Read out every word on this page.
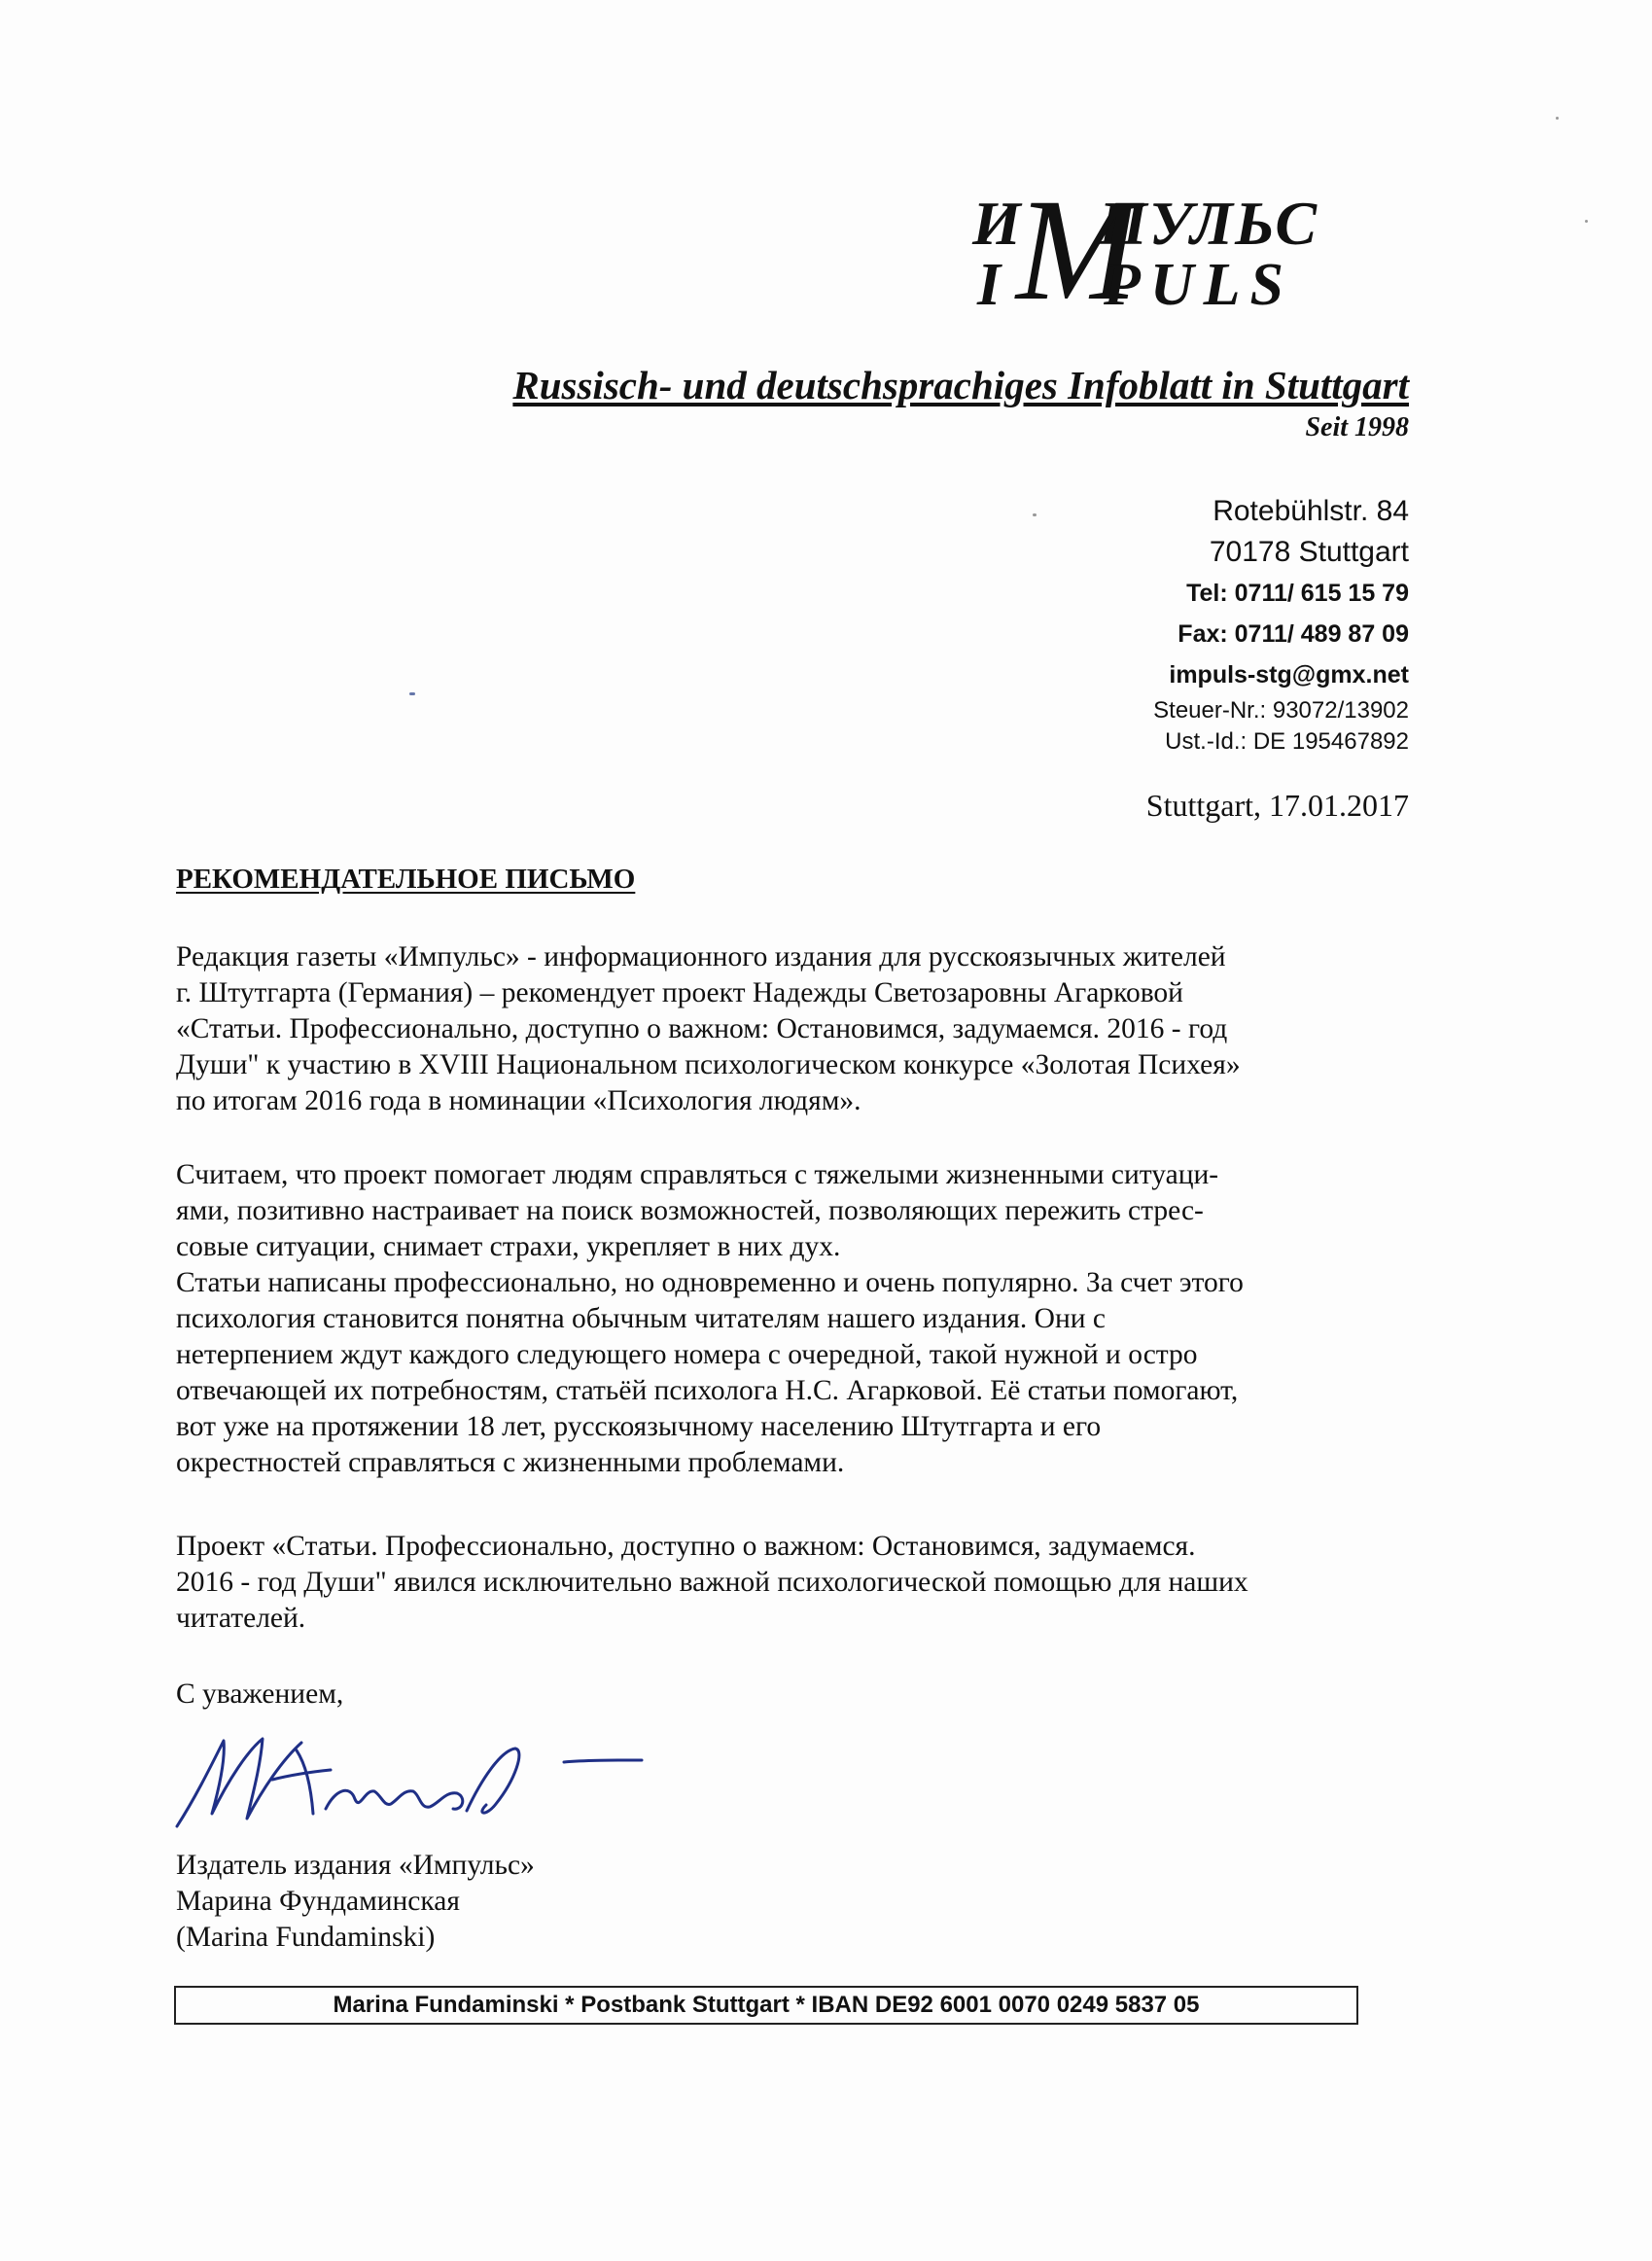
И ПУЛЬС
M
I PULS
Russisch- und deutschsprachiges Infoblatt in Stuttgart
Seit 1998
Rotebühlstr. 84
70178 Stuttgart
Tel: 0711/ 615 15 79
Fax: 0711/ 489 87 09
impuls-stg@gmx.net
Steuer-Nr.: 93072/13902
Ust.-Id.: DE 195467892
Stuttgart, 17.01.2017
РЕКОМЕНДАТЕЛЬНОЕ ПИСЬМО
Редакция газеты «Импульс» - информационного издания для русскоязычных жителей
г. Штутгарта (Германия) – рекомендует проект Надежды Светозаровны Агарковой
«Статьи. Профессионально, доступно о важном: Остановимся, задумаемся. 2016 - год
Души" к участию в XVIII Национальном психологическом конкурсе «Золотая Психея»
по итогам 2016 года в номинации «Психология людям».
Считаем, что проект помогает людям справляться с тяжелыми жизненными ситуаци-
ями, позитивно настраивает на поиск возможностей, позволяющих пережить стрес-
совые ситуации, снимает страхи, укрепляет в них дух.
Статьи написаны профессионально, но одновременно и очень популярно. За счет этого
психология становится понятна обычным читателям нашего издания. Они с
нетерпением ждут каждого следующего номера с очередной, такой нужной и остро
отвечающей их потребностям, статьёй психолога Н.С. Агарковой. Её статьи помогают,
вот уже на протяжении 18 лет, русскоязычному населению Штутгарта и его
окрестностей справляться с жизненными проблемами.
Проект «Статьи. Профессионально, доступно о важном: Остановимся, задумаемся.
2016 - год Души" явился исключительно важной психологической помощью для наших
читателей.
С уважением,
Издатель издания «Импульс»
Марина Фундаминская
(Marina Fundaminski)
Marina Fundaminski * Postbank Stuttgart * IBAN DE92 6001 0070 0249 5837 05
